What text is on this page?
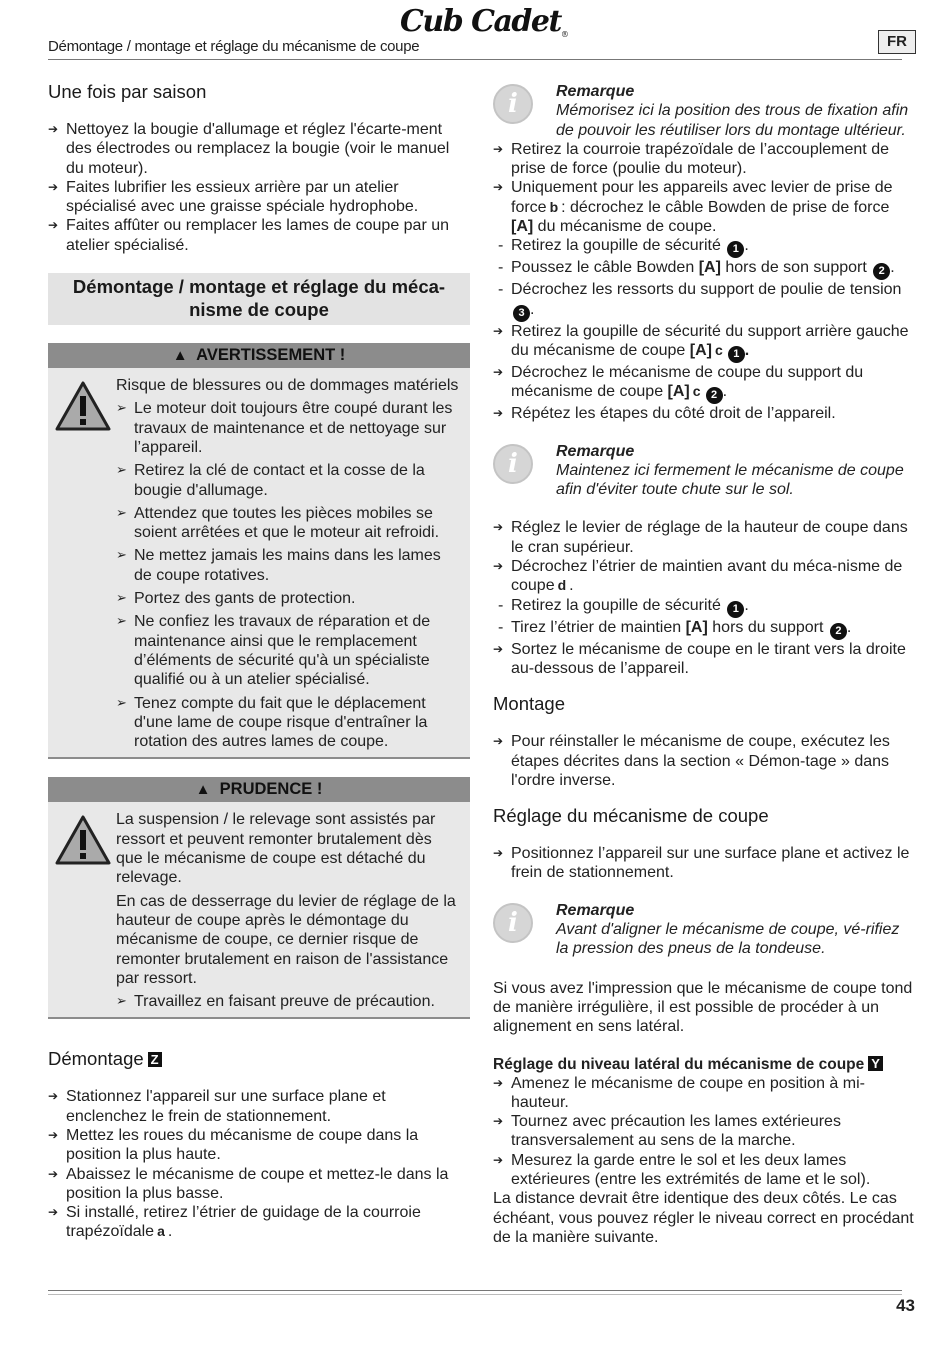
Cub Cadet®
Démontage / montage et réglage du mécanisme de coupe	FR
Une fois par saison
➔ Nettoyez la bougie d'allumage et réglez l'écarte-ment des électrodes ou remplacez la bougie (voir le manuel du moteur).
➔ Faites lubrifier les essieux arrière par un atelier spécialisé avec une graisse spéciale hydrophobe.
➔ Faites affûter ou remplacer les lames de coupe par un atelier spécialisé.
Démontage / montage et réglage du méca-nisme de coupe
▲ AVERTISSEMENT !
Risque de blessures ou de dommages matériels
➢ Le moteur doit toujours être coupé durant les travaux de maintenance et de nettoyage sur l’appareil.
➢ Retirez la clé de contact et la cosse de la bougie d'allumage.
➢ Attendez que toutes les pièces mobiles se soient arrêtées et que le moteur ait refroidi.
➢ Ne mettez jamais les mains dans les lames de coupe rotatives.
➢ Portez des gants de protection.
➢ Ne confiez les travaux de réparation et de maintenance ainsi que le remplacement d’éléments de sécurité qu'à un spécialiste qualifié ou à un atelier spécialisé.
➢ Tenez compte du fait que le déplacement d'une lame de coupe risque d'entraîner la rotation des autres lames de coupe.
▲ PRUDENCE !
La suspension / le relevage sont assistés par ressort et peuvent remonter brutalement dès que le mécanisme de coupe est détaché du relevage.
En cas de desserrage du levier de réglage de la hauteur de coupe après le démontage du mécanisme de coupe, ce dernier risque de remonter brutalement en raison de l'assistance par ressort.
➢ Travaillez en faisant preuve de précaution.
Démontage Z
➔ Stationnez l'appareil sur une surface plane et enclenchez le frein de stationnement.
➔ Mettez les roues du mécanisme de coupe dans la position la plus haute.
➔ Abaissez le mécanisme de coupe et mettez-le dans la position la plus basse.
➔ Si installé, retirez l’étrier de guidage de la courroie trapézoïdale a .
i	Remarque
Mémorisez ici la position des trous de fixation afin de pouvoir les réutiliser lors du montage ultérieur.
➔ Retirez la courroie trapézoïdale de l’accouplement de prise de force (poulie du moteur).
➔ Uniquement pour les appareils avec levier de prise de force b : décrochez le câble Bowden de prise de force [A] du mécanisme de coupe.
- Retirez la goupille de sécurité 1 .
- Poussez le câble Bowden [A] hors de son support 2 .
- Décrochez les ressorts du support de poulie de tension 3 .
➔ Retirez la goupille de sécurité du support arrière gauche du mécanisme de coupe [A] c 1 .
➔ Décrochez le mécanisme de coupe du support du mécanisme de coupe [A] c 2 .
➔ Répétez les étapes du côté droit de l’appareil.
i	Remarque
Maintenez ici fermement le mécanisme de coupe afin d'éviter toute chute sur le sol.
➔ Réglez le levier de réglage de la hauteur de coupe dans le cran supérieur.
➔ Décrochez l’étrier de maintien avant du méca-nisme de coupe d .
- Retirez la goupille de sécurité 1 .
- Tirez l’étrier de maintien [A] hors du support 2 .
➔ Sortez le mécanisme de coupe en le tirant vers la droite au-dessous de l’appareil.
Montage
➔ Pour réinstaller le mécanisme de coupe, exécutez les étapes décrites dans la section « Démon-tage » dans l'ordre inverse.
Réglage du mécanisme de coupe
➔ Positionnez l’appareil sur une surface plane et activez le frein de stationnement.
i	Remarque
Avant d'aligner le mécanisme de coupe, vé-rifiez la pression des pneus de la tondeuse.

Si vous avez l'impression que le mécanisme de coupe tond de manière irrégulière, il est possible de procéder à un alignement en sens latéral.

Réglage du niveau latéral du mécanisme de coupe Y
➔ Amenez le mécanisme de coupe en position à mi-hauteur.
➔ Tournez avec précaution les lames extérieures transversalement au sens de la marche.
➔ Mesurez la garde entre le sol et les deux lames extérieures (entre les extrémités de lame et le sol).

La distance devrait être identique des deux côtés. Le cas échéant, vous pouvez régler le niveau correct en procédant de la manière suivante.

43
